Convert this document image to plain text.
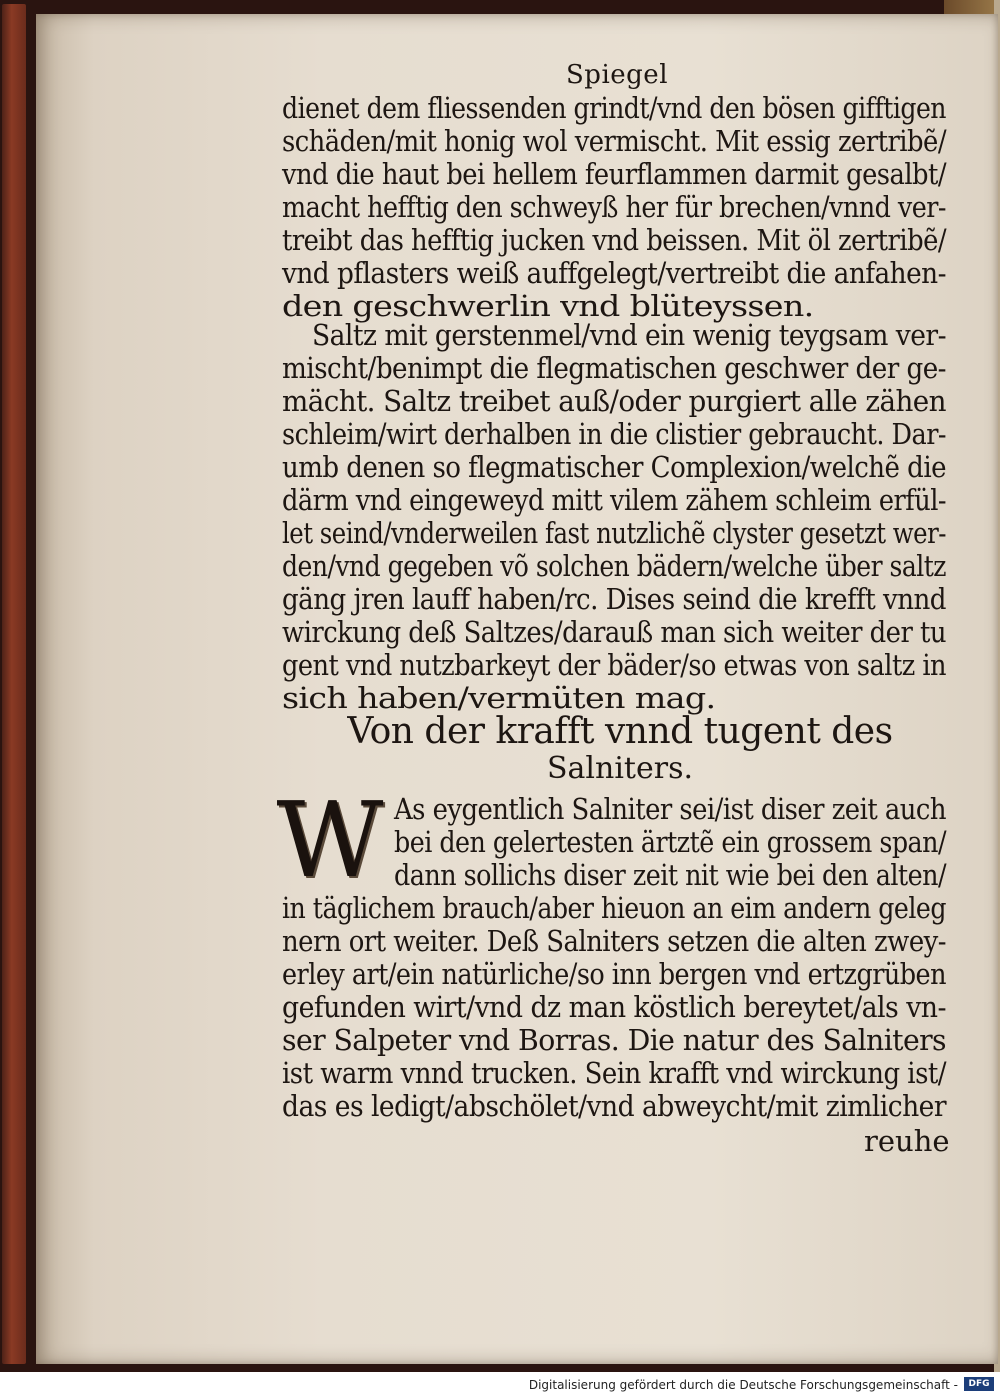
Spiegel
dienet dem fliessenden grindt/vnd den bösen gifftigen
schäden/mit honig wol vermischt. Mit essig zertribẽ/
vnd die haut bei hellem feurflammen darmit gesalbt/
macht hefftig den schweyß her für brechen/vnnd ver-
treibt das hefftig jucken vnd beissen. Mit öl zertribẽ/
vnd pflasters weiß auffgelegt/vertreibt die anfahen-
den geschwerlin vnd blüteyssen.
Saltz mit gerstenmel/vnd ein wenig teygsam ver-
mischt/benimpt die flegmatischen geschwer der ge-
mächt. Saltz treibet auß/oder purgiert alle zähen
schleim/wirt derhalben in die clistier gebraucht. Dar-
umb denen so flegmatischer Complexion/welchẽ die
därm vnd eingeweyd mitt vilem zähem schleim erfül-
let seind/vnderweilen fast nutzlichẽ clyster gesetzt wer-
den/vnd gegeben võ solchen bädern/welche über saltz
gäng jren lauff haben/rc. Dises seind die krefft vnnd
wirckung deß Saltzes/darauß man sich weiter der tu
gent vnd nutzbarkeyt der bäder/so etwas von saltz in
sich haben/vermüten mag.
Von der krafft vnnd tugent des
Salniters.
W As eygentlich Salniter sei/ist diser zeit auch
bei den gelertesten ärtztẽ ein grossem span/
dann sollichs diser zeit nit wie bei den alten/
in täglichem brauch/aber hieuon an eim andern geleg
nern ort weiter. Deß Salniters setzen die alten zwey-
erley art/ein natürliche/so inn bergen vnd ertzgrüben
gefunden wirt/vnd dz man köstlich bereytet/als vn-
ser Salpeter vnd Borras. Die natur des Salniters
ist warm vnnd trucken. Sein krafft vnd wirckung ist/
das es ledigt/abschölet/vnd abweycht/mit zimlicher
reuhe
Digitalisierung gefördert durch die Deutsche Forschungsgemeinschaft -	DFG
